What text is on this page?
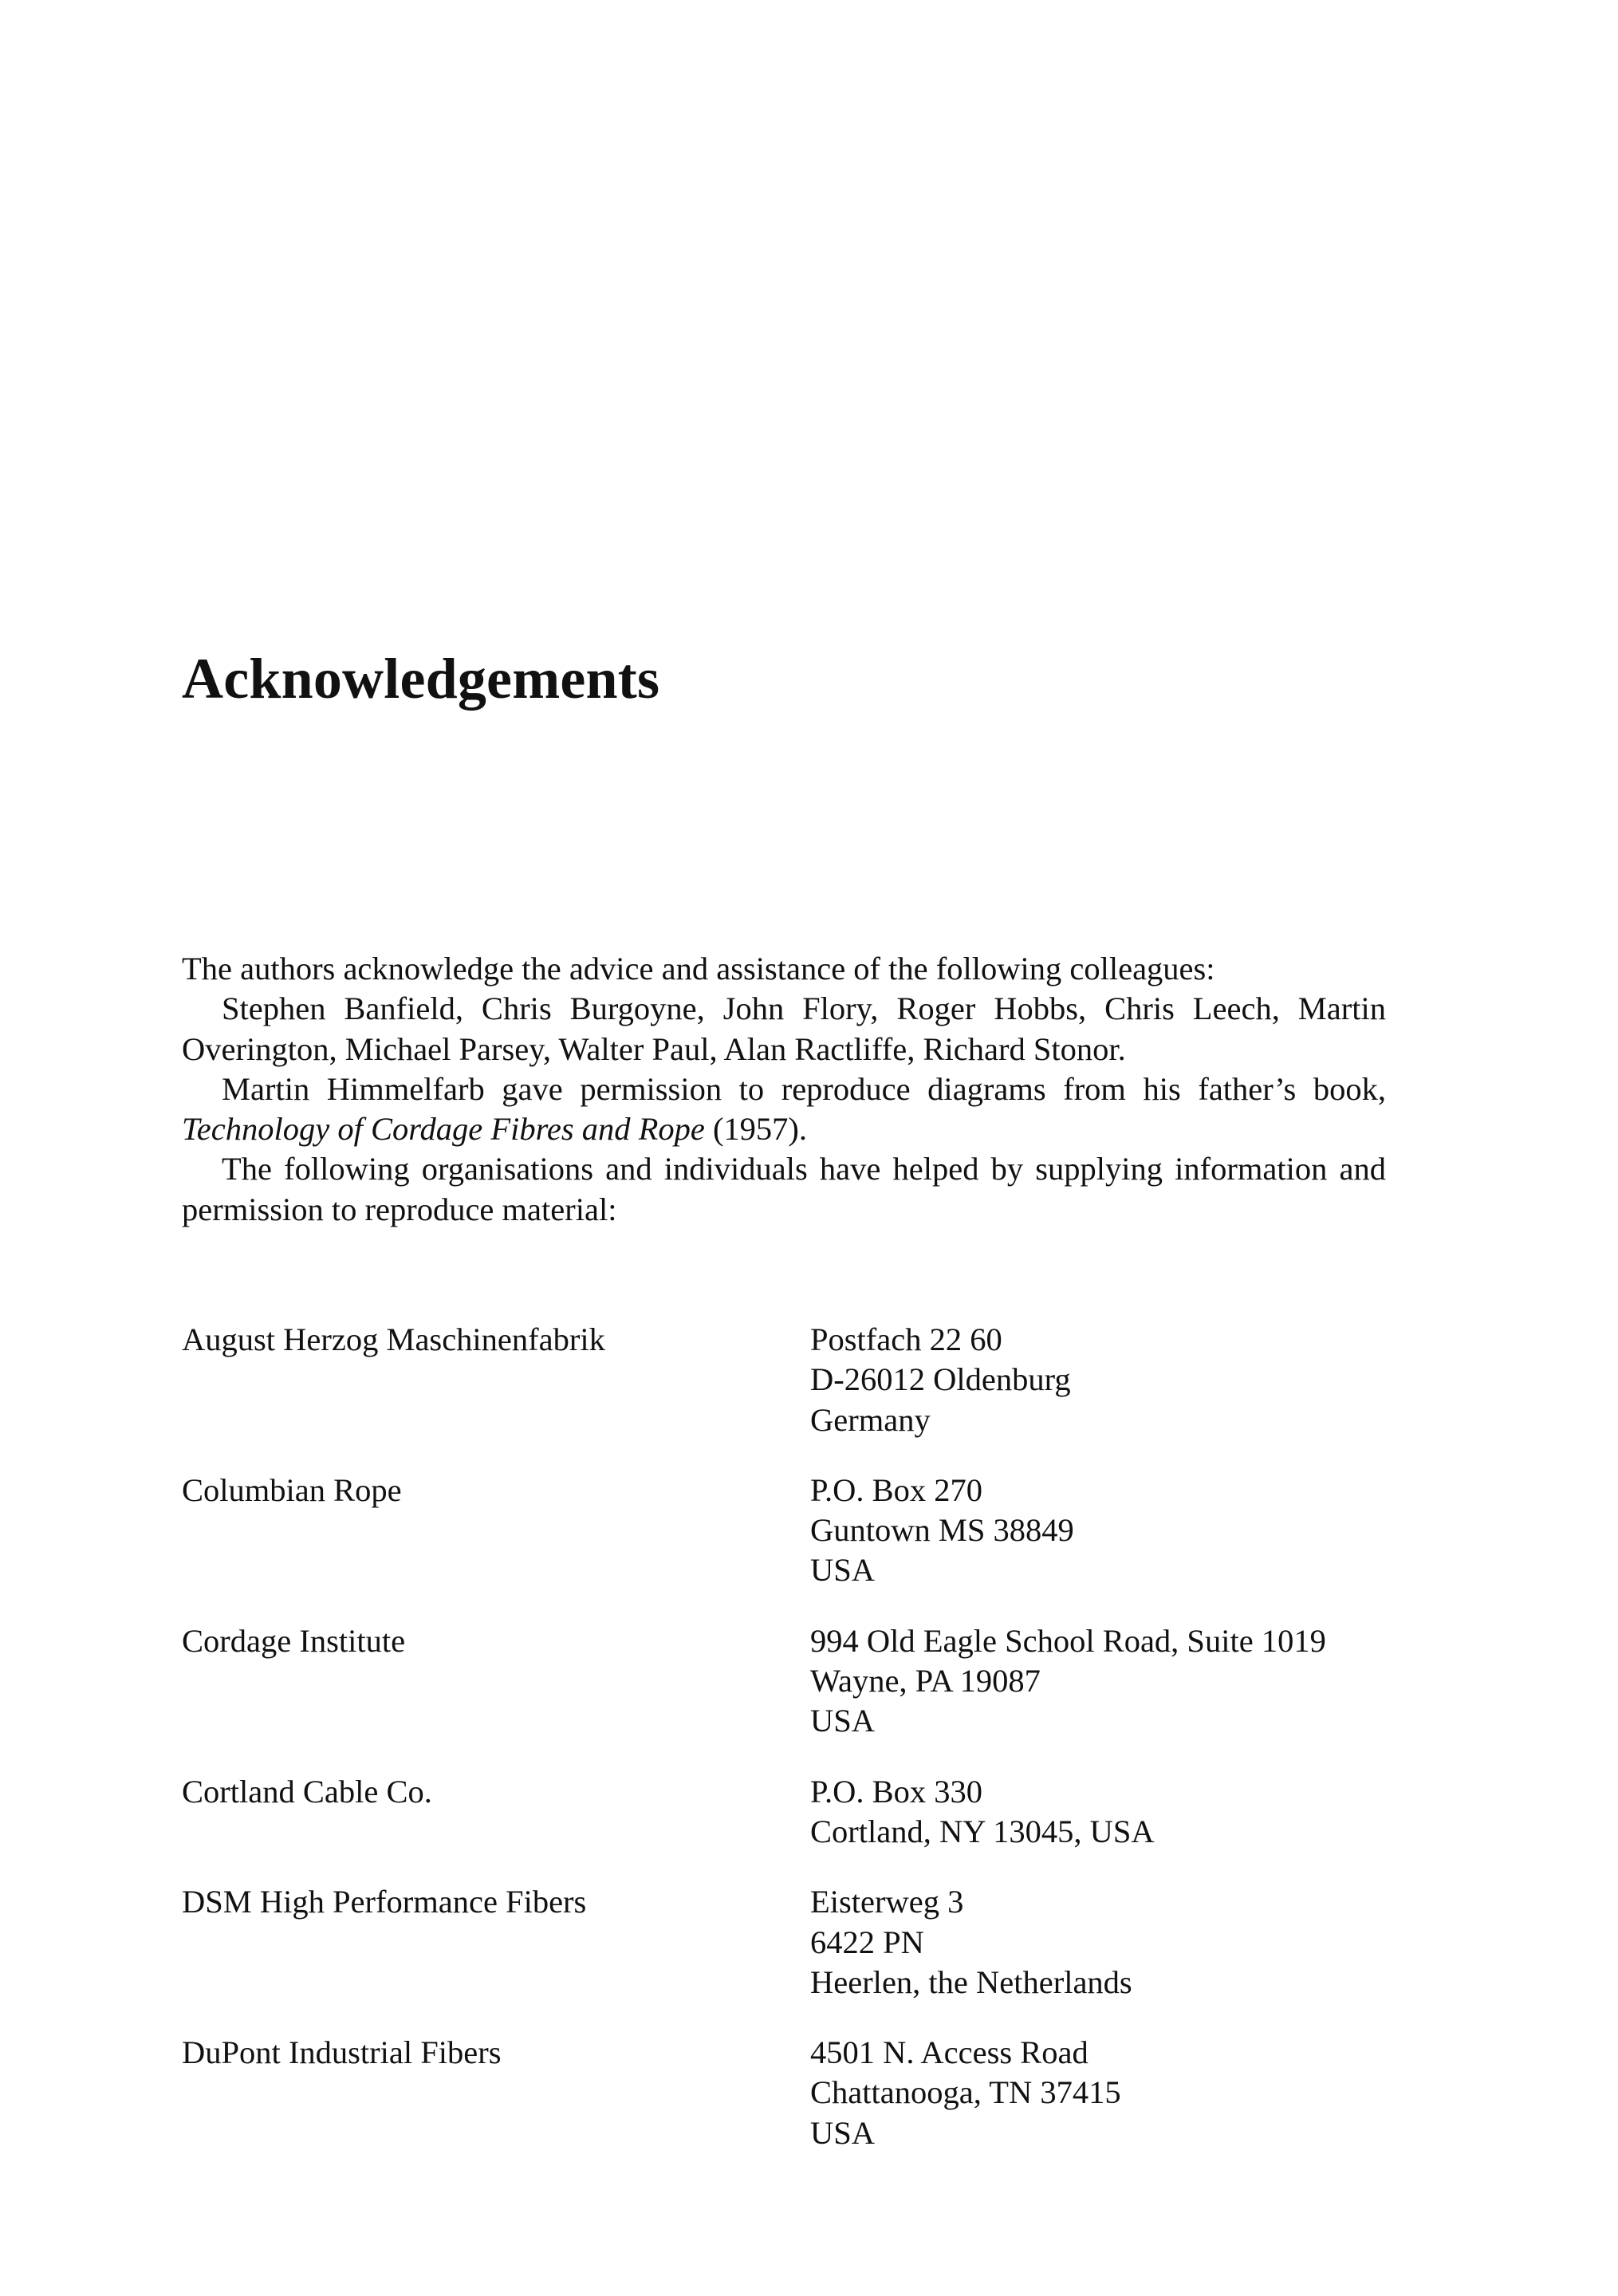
Acknowledgements

The authors acknowledge the advice and assistance of the following colleagues:

Stephen Banfield, Chris Burgoyne, John Flory, Roger Hobbs, Chris Leech, Martin Overington, Michael Parsey, Walter Paul, Alan Ractliffe, Richard Stonor.

Martin Himmelfarb gave permission to reproduce diagrams from his father’s book, Technology of Cordage Fibres and Rope (1957).

The following organisations and individuals have helped by supplying information and permission to reproduce material:

August Herzog Maschinenfabrik	Postfach 22 60
D-26012 Oldenburg
Germany
Columbian Rope	P.O. Box 270
Guntown MS 38849
USA
Cordage Institute	994 Old Eagle School Road, Suite 1019
Wayne, PA 19087
USA
Cortland Cable Co.	P.O. Box 330
Cortland, NY 13045, USA
DSM High Performance Fibers	Eisterweg 3
6422 PN
Heerlen, the Netherlands
DuPont Industrial Fibers	4501 N. Access Road
Chattanooga, TN 37415
USA
